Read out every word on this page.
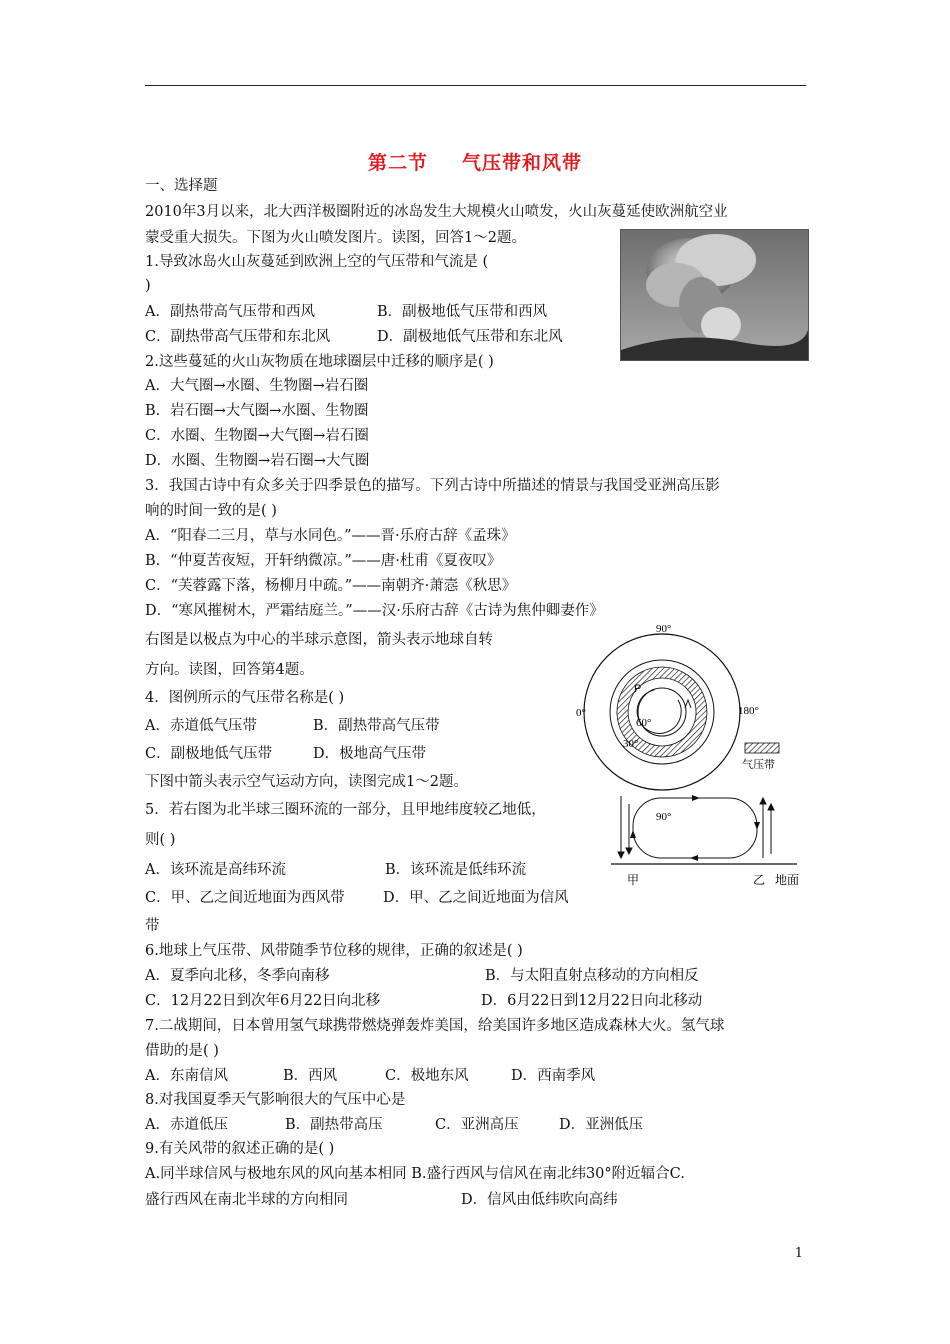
第二节 气压带和风带
一、选择题
2010年3月以来，北大西洋极圈附近的冰岛发生大规模火山喷发，火山灰蔓延使欧洲航空业
蒙受重大损失。下图为火山喷发图片。读图，回答1～2题。
1.导致冰岛火山灰蔓延到欧洲上空的气压带和气流是 (
)
A．副热带高气压带和西风	B．副极地低气压带和西风
C．副热带高气压带和东北风	D．副极地低气压带和东北风
2.这些蔓延的火山灰物质在地球圈层中迁移的顺序是( )
A．大气圈→水圈、生物圈→岩石圈
B．岩石圈→大气圈→水圈、生物圈
C．水圈、生物圈→大气圈→岩石圈
D．水圈、生物圈→岩石圈→大气圈
3．我国古诗中有众多关于四季景色的描写。下列古诗中所描述的情景与我国受亚洲高压影
响的时间一致的是( )
A．“阳春二三月，草与水同色。”——晋·乐府古辞《孟珠》
B．“仲夏苦夜短，开轩纳微凉。”——唐·杜甫《夏夜叹》
C．“芙蓉露下落，杨柳月中疏。”——南朝齐·萧悫《秋思》
D．“寒风摧树木，严霜结庭兰。”——汉·乐府古辞《古诗为焦仲卿妻作》
右图是以极点为中心的半球示意图，箭头表示地球自转
方向。读图，回答第4题。
4．图例所示的气压带名称是( )
A．赤道低气压带	B．副热带高气压带
C．副极地低气压带	D．极地高气压带
90°
90°
0°	180°
P
60°
30°
气压带
下图中箭头表示空气运动方向，读图完成1～2题。
5．若右图为北半球三圈环流的一部分，且甲地纬度较乙地低，
则( )
A．该环流是高纬环流	B．该环流是低纬环流
C．甲、乙之间近地面为西风带	D．甲、乙之间近地面为信风
带
甲	乙 地面
6.地球上气压带、风带随季节位移的规律，正确的叙述是( )
A．夏季向北移，冬季向南移	B．与太阳直射点移动的方向相反
C．12月22日到次年6月22日向北移	D．6月22日到12月22日向北移动
7.二战期间，日本曾用氢气球携带燃烧弹轰炸美国，给美国许多地区造成森林大火。氢气球
借助的是( )
A．东南信风	B．西风	C．极地东风	D．西南季风
8.对我国夏季天气影响很大的气压中心是
A．赤道低压	B．副热带高压	C．亚洲高压	D．亚洲低压
9.有关风带的叙述正确的是( )
A.同半球信风与极地东风的风向基本相同 B.盛行西风与信风在南北纬30°附近辐合C.
盛行西风在南北半球的方向相同	D．信风由低纬吹向高纬
1
